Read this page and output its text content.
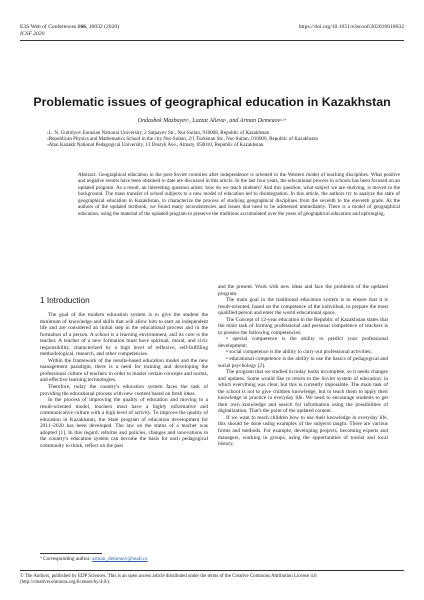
E3S Web of Conferences 166, 10032 (2020)
ICSF 2020
https://doi.org/10.1051/e3sconf/202016610032
Problematic issues of geographical education in Kazakhstan
Ondasbek Mazbayev$^1$, Lazzat Alieva$^1$, and Arman Demeuov$^{2,3*}$
$^1$L. N. Gumilyov Eurasian National University, 2 Satpayev Str., Nur-Sultan, 010008, Republic of Kazakhstan
$^2$Republican Physics and Mathematics School in the city Nur-Sultan, 2/1 Turkistan Str., Nur-Sultan, 010000, Republic of Kazakhstan
$^3$Abai Kazakh National Pedagogical University, 13 Dostyk Ave., Almaty, 050010, Republic of Kazakhstan
Abstract. Geographical education in the post-Soviet countries after independence is oriented to the Western model of teaching disciplines. What positive and negative results have been obtained to date are discussed in this article. In the last four years, the educational process in schools has been focused on an updated program. As a result, an interesting question arises: how do we teach students? And this question, what subject we are studying, is moved to the background. The mass transfer of school subjects to a new model of education led to disintegration. In this article, the authors try to analyze the state of geographical education in Kazakhstan, to characterize the process of studying geographical disciplines from the seventh to the eleventh grade. As the authors of the updated textbook, we found many inconsistencies and issues that need to be addressed immediately. There is a model of geographical education, using the material of the updated program to preserve the traditions accumulated over the years of geographical education and upbringing.
1 Introduction

The goal of the modern education system is to give the student the minimum of knowledge and skills that will allow him to start an independent life and are considered an initial step in the educational process and in the formation of a person. A school is a learning environment, and its core is the teacher. A teacher of a new formation must have spiritual, moral, and civic responsibility, characterized by a high level of reflexive, self-fulfilling methodological, research, and other competencies.

Within the framework of the results-based education model and the new management paradigm, there is a need for training and developing the professional culture of teachers in order to master certain concepts and norms, and effective learning technologies.

Therefore, today the country's education system faces the task of providing the educational process with new content based on fresh ideas.

In the process of improving the quality of education and moving to a result-oriented model, teachers must have a highly informative and communicative culture with a high level of activity. To improve the quality of education in Kazakhstan, the State program of education development for 2011–2020 has been developed. The law on the status of a teacher was adopted [1]. In this regard, reforms and policies, changes and innovations in the country's education system can become the basis for each pedagogical community to think, reflect on the past

and the present. Work with new ideas and face the problems of the updated program.

The main goal in the traditional education system is to ensure that it is result-oriented, based on the competence of the individual, to prepare the most qualified person and enter the world educational space.

The Concept of 12-year education in the Republic of Kazakhstan states that the main task of forming professional and personal competence of teachers is to possess the following competencies:

• special competence is the ability to predict your professional development;

• social competence is the ability to carry out professional activities;

• educational competence is the ability to use the basics of pedagogical and social psychology [2].

The program that we studied in today looks incomplete, so it needs changes and updates. Some would like to return to the Soviet system of education, in which everything was clear, but this is currently impossible. The main task of the school is not to give children knowledge, but to teach them to apply their knowledge in practice in everyday life. We need to encourage students to get their own knowledge and search for information using the possibilities of digitalization. That's the point of the updated content.

If we want to teach children how to use their knowledge in everyday life, this should be done using examples of the subjects taught. There are various forms and methods. For example, developing projects, becoming experts and managers, working in groups, using the opportunities of tourist and local history,

* Corresponding author: arman_demeuov@mail.ru
© The Authors, published by EDP Sciences. This is an open access article distributed under the terms of the Creative Commons Attribution License 4.0
(http://creativecommons.org/licenses/by/4.0/).
